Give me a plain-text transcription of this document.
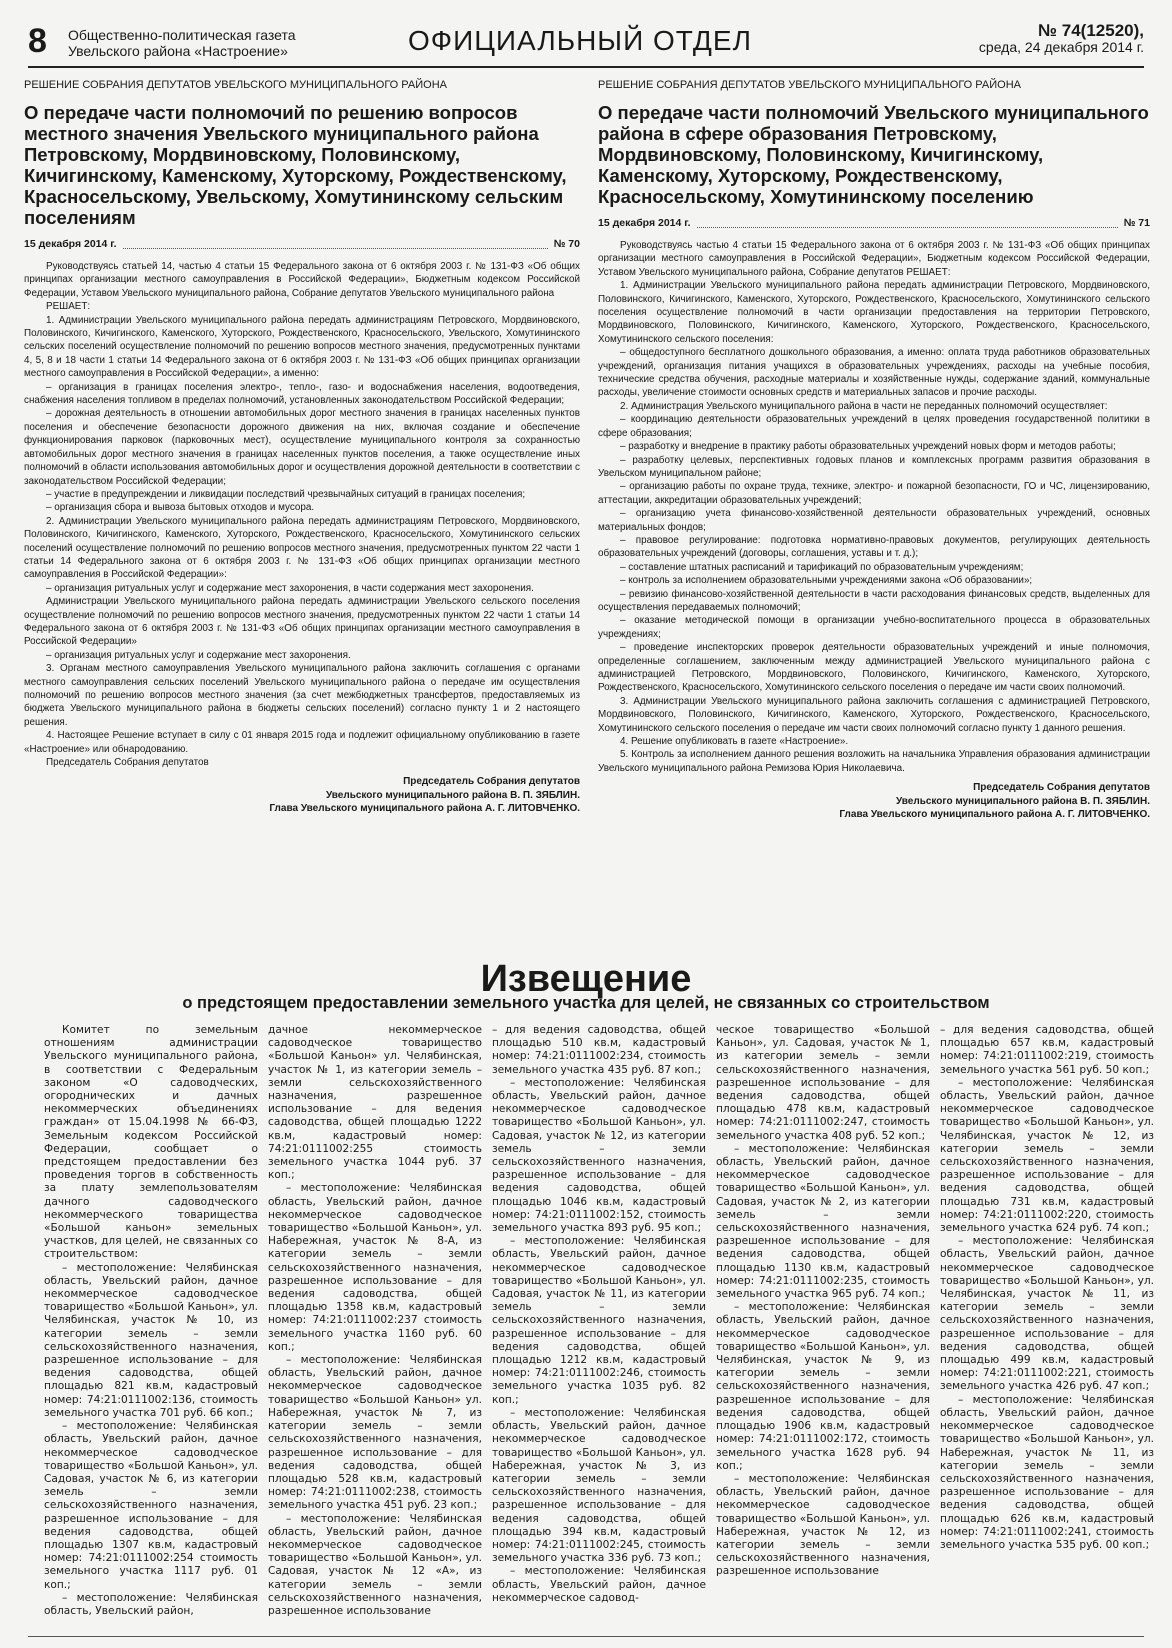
8 Общественно-политическая газета
Увельского района «Настроение»	ОФИЦИАЛЬНЫЙ ОТДЕЛ	№ 74(12520),
среда, 24 декабря 2014 г.
РЕШЕНИЕ СОБРАНИЯ ДЕПУТАТОВ УВЕЛЬСКОГО МУНИЦИПАЛЬНОГО РАЙОНА
О передаче части полномочий по решению вопросов местного значения Увельского муниципального района Петровскому, Мордвиновскому, Половинскому, Кичигинскому, Каменскому, Хуторскому, Рождественскому, Красносельскому, Увельскому, Хомутининскому сельским поселениям
15 декабря 2014 г.	№ 70

Руководствуясь статьей 14, частью 4 статьи 15 Федерального закона от 6 октября 2003 г. № 131-ФЗ «Об общих принципах организации местного самоуправления в Российской Федерации», Бюджетным кодексом Российской Федерации, Уставом Увельского муниципального района, Собрание депутатов Увельского муниципального района

РЕШАЕТ:

1. Администрации Увельского муниципального района передать администрациям Петровского, Мордвиновского, Половинского, Кичигинского, Каменского, Хуторского, Рождественского, Красносельского, Увельского, Хомутининского сельских поселений осуществление полномочий по решению вопросов местного значения, предусмотренных пунктами 4, 5, 8 и 18 части 1 статьи 14 Федерального закона от 6 октября 2003 г. № 131-ФЗ «Об общих принципах организации местного самоуправления в Российской Федерации», а именно:

– организация в границах поселения электро-, тепло-, газо- и водоснабжения населения, водоотведения, снабжения населения топливом в пределах полномочий, установленных законодательством Российской Федерации;

– дорожная деятельность в отношении автомобильных дорог местного значения в границах населенных пунктов поселения и обеспечение безопасности дорожного движения на них, включая создание и обеспечение функционирования парковок (парковочных мест), осуществление муниципального контроля за сохранностью автомобильных дорог местного значения в границах населенных пунктов поселения, а также осуществление иных полномочий в области использования автомобильных дорог и осуществления дорожной деятельности в соответствии с законодательством Российской Федерации;

– участие в предупреждении и ликвидации последствий чрезвычайных ситуаций в границах поселения;

– организация сбора и вывоза бытовых отходов и мусора.

2. Администрации Увельского муниципального района передать администрациям Петровского, Мордвиновского, Половинского, Кичигинского, Каменского, Хуторского, Рождественского, Красносельского, Хомутининского сельских поселений осуществление полномочий по решению вопросов местного значения, предусмотренных пунктом 22 части 1 статьи 14 Федерального закона от 6 октября 2003 г. № 131-ФЗ «Об общих принципах организации местного самоуправления в Российской Федерации»:

– организация ритуальных услуг и содержание мест захоронения, в части содержания мест захоронения.

Администрации Увельского муниципального района передать администрации Увельского сельского поселения осуществление полномочий по решению вопросов местного значения, предусмотренных пунктом 22 части 1 статьи 14 Федерального закона от 6 октября 2003 г. № 131-ФЗ «Об общих принципах организации местного самоуправления в Российской Федерации»

– организация ритуальных услуг и содержание мест захоронения.

3. Органам местного самоуправления Увельского муниципального района заключить соглашения с органами местного самоуправления сельских поселений Увельского муниципального района о передаче им осуществления полномочий по решению вопросов местного значения (за счет межбюджетных трансфертов, предоставляемых из бюджета Увельского муниципального района в бюджеты сельских поселений) согласно пункту 1 и 2 настоящего решения.

4. Настоящее Решение вступает в силу с 01 января 2015 года и подлежит официальному опубликованию в газете «Настроение» или обнародованию.

Председатель Собрания депутатов

Председатель Собрания депутатов
Увельского муниципального района В. П. ЗЯБЛИН.
Глава Увельского муниципального района А. Г. ЛИТОВЧЕНКО.
РЕШЕНИЕ СОБРАНИЯ ДЕПУТАТОВ УВЕЛЬСКОГО МУНИЦИПАЛЬНОГО РАЙОНА
О передаче части полномочий Увельского муниципального района в сфере образования Петровскому, Мордвиновскому, Половинскому, Кичигинскому, Каменскому, Хуторскому, Рождественскому, Красносельскому, Хомутининскому поселению
15 декабря 2014 г.	№ 71

Руководствуясь частью 4 статьи 15 Федерального закона от 6 октября 2003 г. № 131-ФЗ «Об общих принципах организации местного самоуправления в Российской Федерации», Бюджетным кодексом Российской Федерации, Уставом Увельского муниципального района, Собрание депутатов РЕШАЕТ:

1. Администрации Увельского муниципального района передать администрации Петровского, Мордвиновского, Половинского, Кичигинского, Каменского, Хуторского, Рождественского, Красносельского, Хомутининского сельского поселения осуществление полномочий в части организации предоставления на территории Петровского, Мордвиновского, Половинского, Кичигинского, Каменского, Хуторского, Рождественского, Красносельского, Хомутининского сельского поселения:

– общедоступного бесплатного дошкольного образования, а именно: оплата труда работников образовательных учреждений, организация питания учащихся в образовательных учреждениях, расходы на учебные пособия, технические средства обучения, расходные материалы и хозяйственные нужды, содержание зданий, коммунальные расходы, увеличение стоимости основных средств и материальных запасов и прочие расходы.

2. Администрация Увельского муниципального района в части не переданных полномочий осуществляет:

– координацию деятельности образовательных учреждений в целях проведения государственной политики в сфере образования;

– разработку и внедрение в практику работы образовательных учреждений новых форм и методов работы;

– разработку целевых, перспективных годовых планов и комплексных программ развития образования в Увельском муниципальном районе;

– организацию работы по охране труда, технике, электро- и пожарной безопасности, ГО и ЧС, лицензированию, аттестации, аккредитации образовательных учреждений;

– организацию учета финансово-хозяйственной деятельности образовательных учреждений, основных материальных фондов;

– правовое регулирование: подготовка нормативно-правовых документов, регулирующих деятельность образовательных учреждений (договоры, соглашения, уставы и т. д.);

– составление штатных расписаний и тарификаций по образовательным учреждениям;

– контроль за исполнением образовательными учреждениями закона «Об образовании»;

– ревизию финансово-хозяйственной деятельности в части расходования финансовых средств, выделенных для осуществления передаваемых полномочий;

– оказание методической помощи в организации учебно-воспитательного процесса в образовательных учреждениях;

– проведение инспекторских проверок деятельности образовательных учреждений и иные полномочия, определенные соглашением, заключенным между администрацией Увельского муниципального района с администрацией Петровского, Мордвиновского, Половинского, Кичигинского, Каменского, Хуторского, Рождественского, Красносельского, Хомутининского сельского поселения о передаче им части своих полномочий.

3. Администрации Увельского муниципального района заключить соглашения с администрацией Петровского, Мордвиновского, Половинского, Кичигинского, Каменского, Хуторского, Рождественского, Красносельского, Хомутининского сельского поселения о передаче им части своих полномочий согласно пункту 1 данного решения.

4. Решение опубликовать в газете «Настроение».

5. Контроль за исполнением данного решения возложить на начальника Управления образования администрации Увельского муниципального района Ремизова Юрия Николаевича.

Председатель Собрания депутатов
Увельского муниципального района В. П. ЗЯБЛИН.
Глава Увельского муниципального района А. Г. ЛИТОВЧЕНКО.
Извещение
о предстоящем предоставлении земельного участка для целей, не связанных со строительством

Комитет по земельным отношениям администрации Увельского муниципального района, в соответствии с Федеральным законом «О садоводческих, огороднических и дачных некоммерческих объединениях граждан» от 15.04.1998 № 66-ФЗ, Земельным кодексом Российской Федерации, сообщает о предстоящем предоставлении без проведения торгов в собственность за плату землепользователям дачного садоводческого некоммерческого товарищества «Большой каньон» земельных участков, для целей, не связанных со строительством:

– местоположение: Челябинская область, Увельский район, дачное некоммерческое садоводческое товарищество «Большой Каньон», ул. Челябинская, участок № 10, из категории земель – земли сельскохозяйственного назначения, разрешенное использование – для ведения садоводства, общей площадью 821 кв.м, кадастровый номер: 74:21:0111002:136, стоимость земельного участка 701 руб. 66 коп.;

– местоположение: Челябинская область, Увельский район, дачное некоммерческое садоводческое товарищество «Большой Каньон», ул. Садовая, участок № 6, из категории земель – земли сельскохозяйственного назначения, разрешенное использование – для ведения садоводства, общей площадью 1307 кв.м, кадастровый номер: 74:21:0111002:254 стоимость земельного участка 1117 руб. 01 коп.;

– местоположение: Челябинская область, Увельский район,

дачное некоммерческое садоводческое товарищество «Большой Каньон» ул. Челябинская, участок № 1, из категории земель – земли сельскохозяйственного назначения, разрешенное использование – для ведения садоводства, общей площадью 1222 кв.м, кадастровый номер: 74:21:0111002:255 стоимость земельного участка 1044 руб. 37 коп.;

– местоположение: Челябинская область, Увельский район, дачное некоммерческое садоводческое товарищество «Большой Каньон», ул. Набережная, участок № 8-А, из категории земель – земли сельскохозяйственного назначения, разрешенное использование – для ведения садоводства, общей площадью 1358 кв.м, кадастровый номер: 74:21:0111002:237 стоимость земельного участка 1160 руб. 60 коп.;

– местоположение: Челябинская область, Увельский район, дачное некоммерческое садоводческое товарищество «Большой Каньон» ул. Набережная, участок № 7, из категории земель – земли сельскохозяйственного назначения, разрешенное использование – для ведения садоводства, общей площадью 528 кв.м, кадастровый номер: 74:21:0111002:238, стоимость земельного участка 451 руб. 23 коп.;

– местоположение: Челябинская область, Увельский район, дачное некоммерческое садоводческое товарищество «Большой Каньон», ул. Садовая, участок № 12 «А», из категории земель – земли сельскохозяйственного назначения, разрешенное использование

– для ведения садоводства, общей площадью 510 кв.м, кадастровый номер: 74:21:0111002:234, стоимость земельного участка 435 руб. 87 коп.;

– местоположение: Челябинская область, Увельский район, дачное некоммерческое садоводческое товарищество «Большой Каньон», ул. Садовая, участок № 12, из категории земель – земли сельскохозяйственного назначения, разрешенное использование – для ведения садоводства, общей площадью 1046 кв.м, кадастровый номер: 74:21:0111002:152, стоимость земельного участка 893 руб. 95 коп.;

– местоположение: Челябинская область, Увельский район, дачное некоммерческое садоводческое товарищество «Большой Каньон», ул. Садовая, участок № 11, из категории земель – земли сельскохозяйственного назначения, разрешенное использование – для ведения садоводства, общей площадью 1212 кв.м, кадастровый номер: 74:21:0111002:246, стоимость земельного участка 1035 руб. 82 коп.;

– местоположение: Челябинская область, Увельский район, дачное некоммерческое садоводческое товарищество «Большой Каньон», ул. Набережная, участок № 3, из категории земель – земли сельскохозяйственного назначения, разрешенное использование – для ведения садоводства, общей площадью 394 кв.м, кадастровый номер: 74:21:0111002:245, стоимость земельного участка 336 руб. 73 коп.;

– местоположение: Челябинская область, Увельский район, дачное некоммерческое садовод-

ческое товарищество «Большой Каньон», ул. Садовая, участок № 1, из категории земель – земли сельскохозяйственного назначения, разрешенное использование – для ведения садоводства, общей площадью 478 кв.м, кадастровый номер: 74:21:0111002:247, стоимость земельного участка 408 руб. 52 коп.;

– местоположение: Челябинская область, Увельский район, дачное некоммерческое садоводческое товарищество «Большой Каньон», ул. Садовая, участок № 2, из категории земель – земли сельскохозяйственного назначения, разрешенное использование – для ведения садоводства, общей площадью 1130 кв.м, кадастровый номер: 74:21:0111002:235, стоимость земельного участка 965 руб. 74 коп.;

– местоположение: Челябинская область, Увельский район, дачное некоммерческое садоводческое товарищество «Большой Каньон», ул. Челябинская, участок № 9, из категории земель – земли сельскохозяйственного назначения, разрешенное использование – для ведения садоводства, общей площадью 1906 кв.м, кадастровый номер: 74:21:0111002:172, стоимость земельного участка 1628 руб. 94 коп.;

– местоположение: Челябинская область, Увельский район, дачное некоммерческое садоводческое товарищество «Большой Каньон», ул. Набережная, участок № 12, из категории земель – земли сельскохозяйственного назначения, разрешенное использование

– для ведения садоводства, общей площадью 657 кв.м, кадастровый номер: 74:21:0111002:219, стоимость земельного участка 561 руб. 50 коп.;

– местоположение: Челябинская область, Увельский район, дачное некоммерческое садоводческое товарищество «Большой Каньон», ул. Челябинская, участок № 12, из категории земель – земли сельскохозяйственного назначения, разрешенное использование – для ведения садоводства, общей площадью 731 кв.м, кадастровый номер: 74:21:0111002:220, стоимость земельного участка 624 руб. 74 коп.;

– местоположение: Челябинская область, Увельский район, дачное некоммерческое садоводческое товарищество «Большой Каньон», ул. Челябинская, участок № 11, из категории земель – земли сельскохозяйственного назначения, разрешенное использование – для ведения садоводства, общей площадью 499 кв.м, кадастровый номер: 74:21:0111002:221, стоимость земельного участка 426 руб. 47 коп.;

– местоположение: Челябинская область, Увельский район, дачное некоммерческое садоводческое товарищество «Большой Каньон», ул. Набережная, участок № 11, из категории земель – земли сельскохозяйственного назначения, разрешенное использование – для ведения садоводства, общей площадью 626 кв.м, кадастровый номер: 74:21:0111002:241, стоимость земельного участка 535 руб. 00 коп.;
